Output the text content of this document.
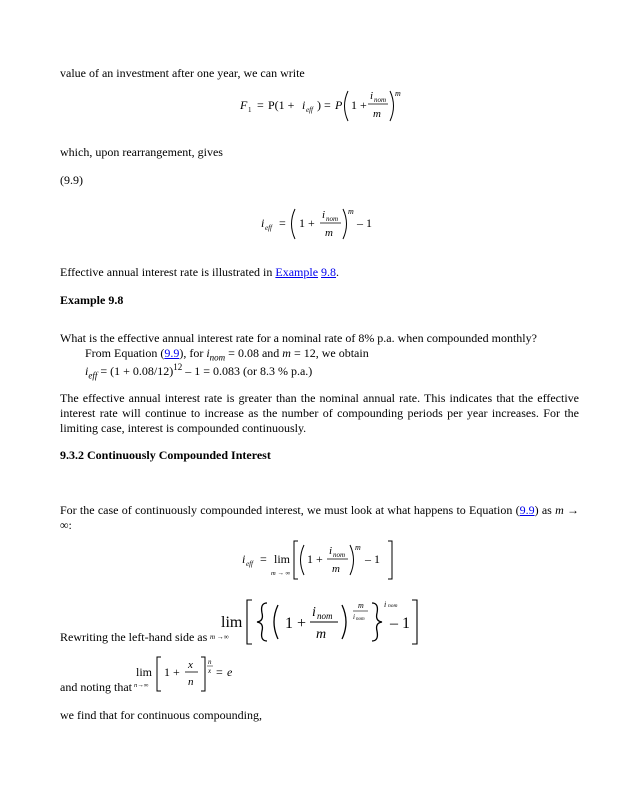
value of an investment after one year, we can write

F 1 = P(1 + i eff ) = P 1 +
i nom
m
m

which, upon rearrangement, gives

(9.9)

i eff = 1 +
i nom
m
m
– 1

Effective annual interest rate is illustrated in Example 9.8.

Example 9.8

What is the effective annual interest rate for a nominal rate of 8% p.a. when compounded monthly?

From Equation (9.9), for $i_{nom} = 0.08$ and m = 12, we obtain

$i_{eff} = (1 + 0.08/12)^{12} - 1 = 0.083$ (or 8.3 % p.a.)

The effective annual interest rate is greater than the nominal annual rate. This indicates that the effective interest rate will continue to increase as the number of compounding periods per year increases. For the limiting case, interest is compounded continuously.

9.3.2 Continuously Compounded Interest

For the case of continuously compounded interest, we must look at what happens to Equation (9.9) as m → ∞:

i eff = lim
m → ∞
1 +
i nom
m
m
– 1

Rewriting the left-hand side as

lim
m →∞
1 +
i nom
m
m
i nom
i nom
– 1

and noting that

lim
n→∞
1 + x
n
n
x = e

we find that for continuous compounding,
